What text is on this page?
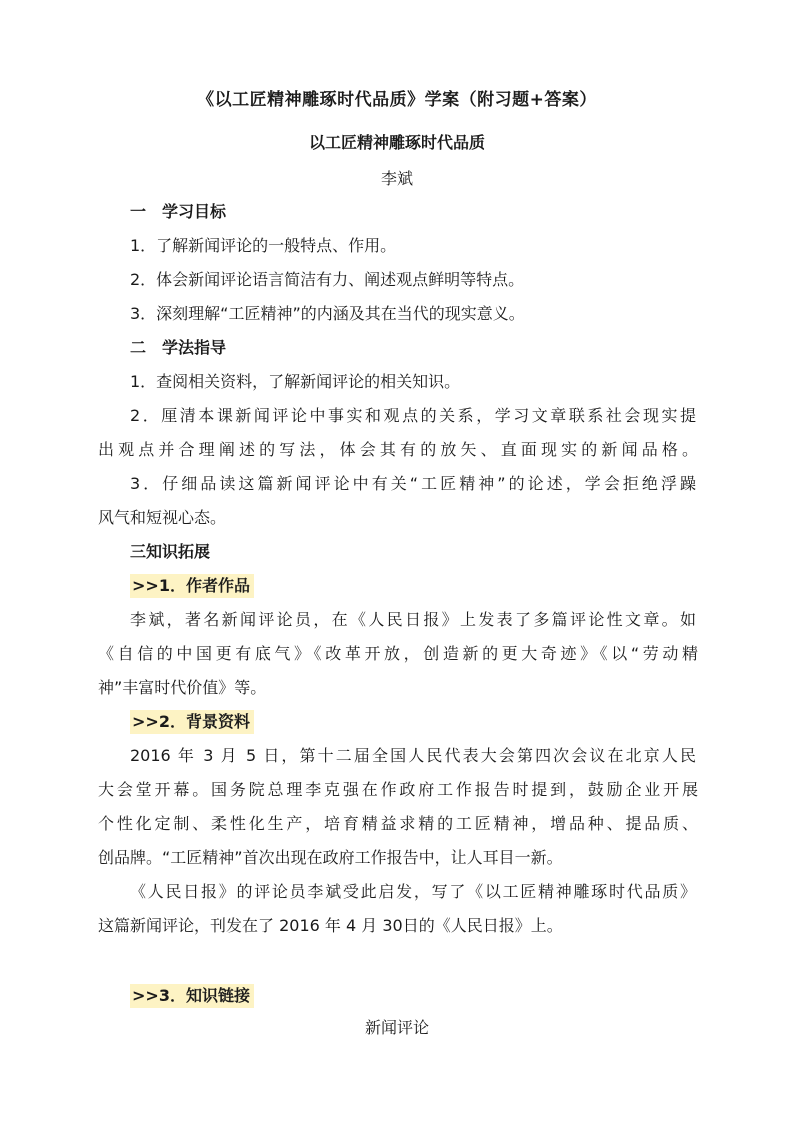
《以工匠精神雕琢时代品质》学案（附习题+答案）
以工匠精神雕琢时代品质
李斌
一　学习目标
1．了解新闻评论的一般特点、作用。
2．体会新闻评论语言简洁有力、阐述观点鲜明等特点。
3．深刻理解“工匠精神”的内涵及其在当代的现实意义。
二　学法指导
1．查阅相关资料，了解新闻评论的相关知识。
2．厘清本课新闻评论中事实和观点的关系，学习文章联系社会现实提
出观点并合理阐述的写法，体会其有的放矢、直面现实的新闻品格。
3．仔细品读这篇新闻评论中有关“工匠精神”的论述，学会拒绝浮躁
风气和短视心态。
三知识拓展
>>1．作者作品
李斌，著名新闻评论员，在《人民日报》上发表了多篇评论性文章。如
《自信的中国更有底气》《改革开放，创造新的更大奇迹》《以“劳动精
神”丰富时代价值》等。
>>2．背景资料
2016 年 3 月 5 日，第十二届全国人民代表大会第四次会议在北京人民
大会堂开幕。国务院总理李克强在作政府工作报告时提到，鼓励企业开展
个性化定制、柔性化生产，培育精益求精的工匠精神，增品种、提品质、
创品牌。“工匠精神”首次出现在政府工作报告中，让人耳目一新。
《人民日报》的评论员李斌受此启发，写了《以工匠精神雕琢时代品质》
这篇新闻评论，刊发在了 2016 年 4 月 30日的《人民日报》上。
>>3．知识链接
新闻评论
